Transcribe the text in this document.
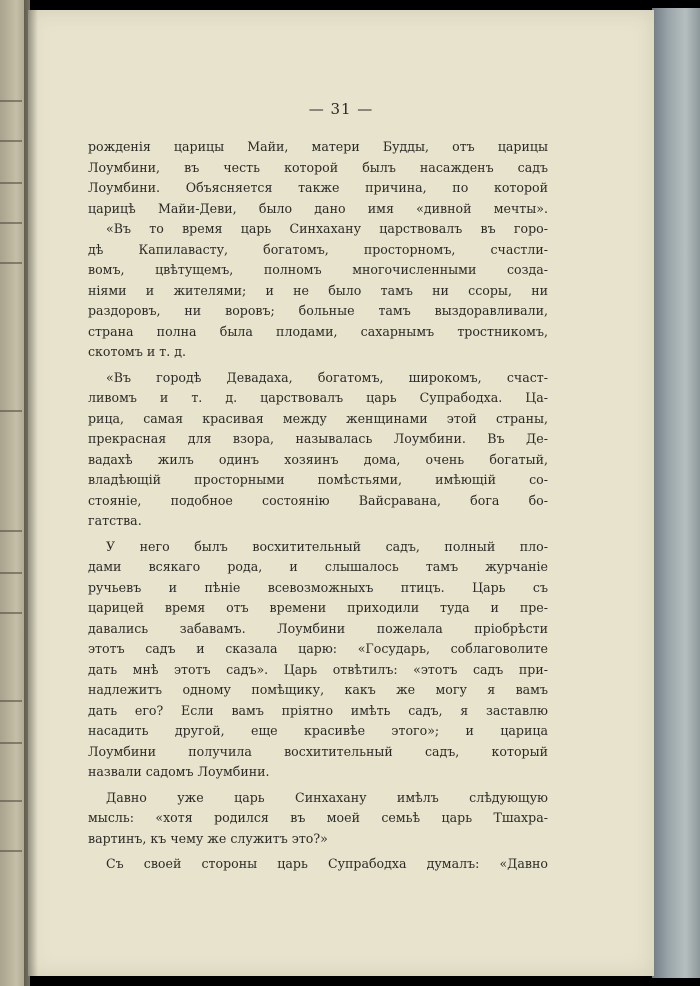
— 31 —
рожденія царицы Майи, матери Будды, отъ царицы
Лоумбини, въ честь которой былъ насажденъ садъ
Лоумбини. Объясняется также причина, по которой
царицѣ Майи-Деви, было дано имя «дивной мечты».
«Въ то время царь Синхахану царствовалъ въ горо-
дѣ Капилавасту, богатомъ, просторномъ, счастли-
вомъ, цвѣтущемъ, полномъ многочисленными созда-
ніями и жителями; и не было тамъ ни ссоры, ни
раздоровъ, ни воровъ; больные тамъ выздоравливали,
страна полна была плодами, сахарнымъ тростникомъ,
скотомъ и т. д.
«Въ городѣ Девадаха, богатомъ, широкомъ, счаст-
ливомъ и т. д. царствовалъ царь Супрабодха. Ца-
рица, самая красивая между женщинами этой страны,
прекрасная для взора, называлась Лоумбини. Въ Де-
вадахѣ жилъ одинъ хозяинъ дома, очень богатый,
владѣющій просторными помѣстьями, имѣющій со-
стояніе, подобное состоянію Вайсравана, бога бо-
гатства.
У него былъ восхитительный садъ, полный пло-
дами всякаго рода, и слышалось тамъ журчаніе
ручьевъ и пѣніе всевозможныхъ птицъ. Царь съ
царицей время отъ времени приходили туда и пре-
давались забавамъ. Лоумбини пожелала пріобрѣсти
этотъ садъ и сказала царю: «Государь, соблаговолите
дать мнѣ этотъ садъ». Царь отвѣтилъ: «этотъ садъ при-
надлежитъ одному помѣщику, какъ же могу я вамъ
дать его? Если вамъ пріятно имѣть садъ, я заставлю
насадить другой, еще красивѣе этого»; и царица
Лоумбини получила восхитительный садъ, который
назвали садомъ Лоумбини.
Давно уже царь Синхахану имѣлъ слѣдующую
мысль: «хотя родился въ моей семьѣ царь Тшахра-
вартинъ, къ чему же служитъ это?»
Съ своей стороны царь Супрабодха думалъ: «Давно
